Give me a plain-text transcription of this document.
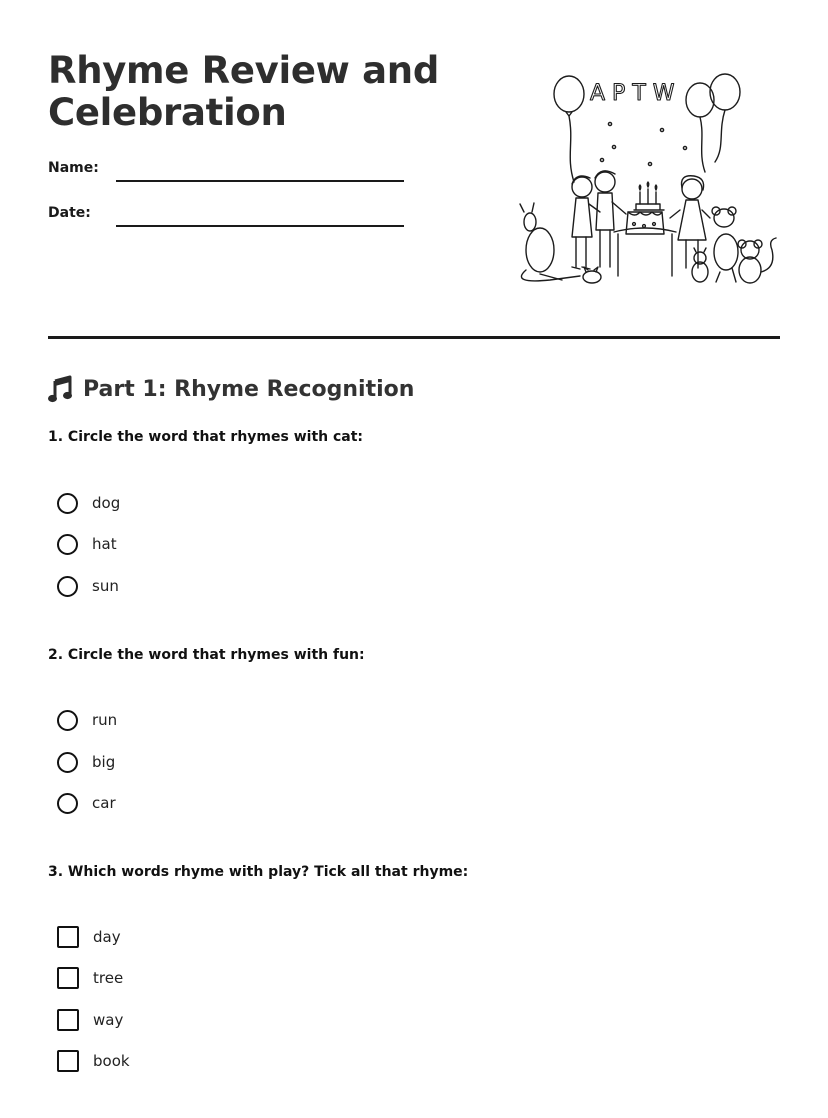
Rhyme Review and Celebration
Name:
Date:
APTW
Part 1: Rhyme Recognition
1. Circle the word that rhymes with cat:
dog
hat
sun
2. Circle the word that rhymes with fun:
run
big
car
3. Which words rhyme with play? Tick all that rhyme:
day
tree
way
book
